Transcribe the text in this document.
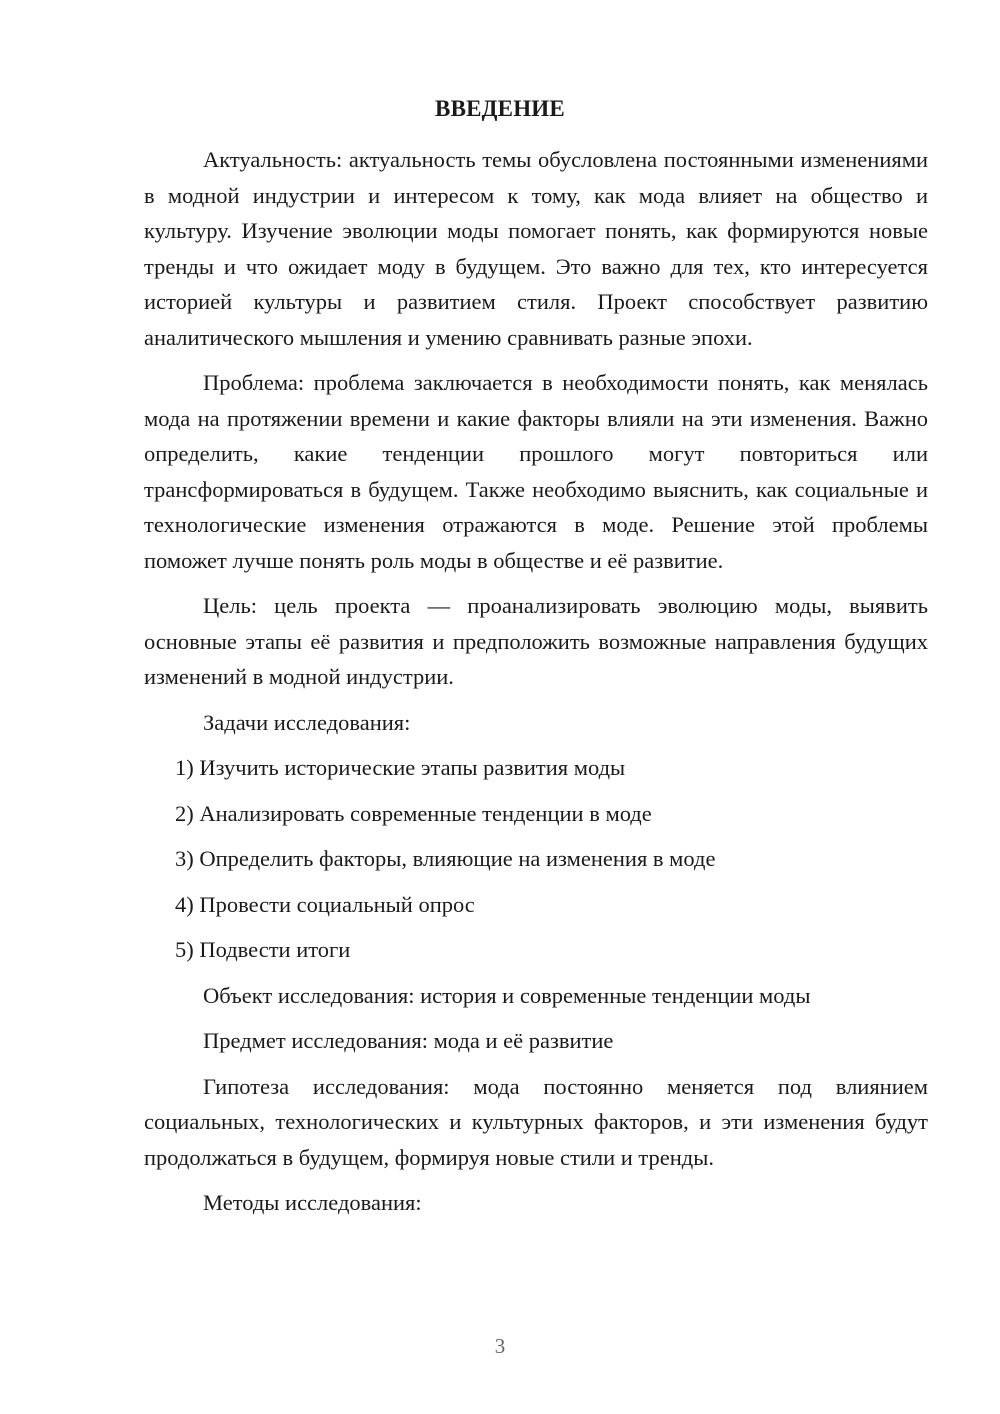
ВВЕДЕНИЕ

Актуальность: актуальность темы обусловлена постоянными изменениями в модной индустрии и интересом к тому, как мода влияет на общество и культуру. Изучение эволюции моды помогает понять, как формируются новые тренды и что ожидает моду в будущем. Это важно для тех, кто интересуется историей культуры и развитием стиля. Проект способствует развитию аналитического мышления и умению сравнивать разные эпохи.

Проблема: проблема заключается в необходимости понять, как менялась мода на протяжении времени и какие факторы влияли на эти изменения. Важно определить, какие тенденции прошлого могут повториться или трансформироваться в будущем. Также необходимо выяснить, как социальные и технологические изменения отражаются в моде. Решение этой проблемы поможет лучше понять роль моды в обществе и её развитие.

Цель: цель проекта — проанализировать эволюцию моды, выявить основные этапы её развития и предположить возможные направления будущих изменений в модной индустрии.

Задачи исследования:

1) Изучить исторические этапы развития моды

2) Анализировать современные тенденции в моде

3) Определить факторы, влияющие на изменения в моде

4) Провести социальный опрос

5) Подвести итоги

Объект исследования: история и современные тенденции моды

Предмет исследования: мода и её развитие

Гипотеза исследования: мода постоянно меняется под влиянием социальных, технологических и культурных факторов, и эти изменения будут продолжаться в будущем, формируя новые стили и тренды.

Методы исследования:

3
